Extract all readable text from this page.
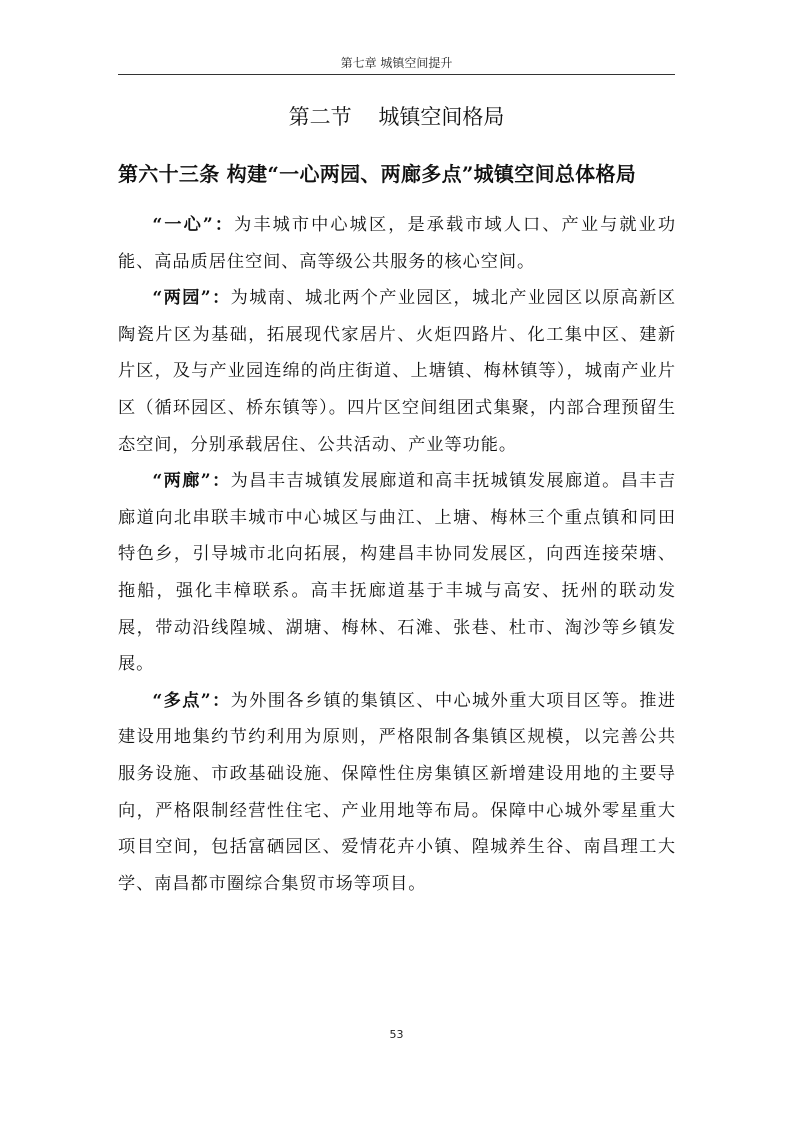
第七章 城镇空间提升
第二节    城镇空间格局
第六十三条 构建“一心两园、两廊多点”城镇空间总体格局

“一心”：为丰城市中心城区，是承载市域人口、产业与就业功能、高品质居住空间、高等级公共服务的核心空间。

“两园”：为城南、城北两个产业园区，城北产业园区以原高新区陶瓷片区为基础，拓展现代家居片、火炬四路片、化工集中区、建新片区，及与产业园连绵的尚庄街道、上塘镇、梅林镇等），城南产业片区（循环园区、桥东镇等）。四片区空间组团式集聚，内部合理预留生态空间，分别承载居住、公共活动、产业等功能。

“两廊”：为昌丰吉城镇发展廊道和高丰抚城镇发展廊道。昌丰吉廊道向北串联丰城市中心城区与曲江、上塘、梅林三个重点镇和同田特色乡，引导城市北向拓展，构建昌丰协同发展区，向西连接荣塘、拖船，强化丰樟联系。高丰抚廊道基于丰城与高安、抚州的联动发展，带动沿线隍城、湖塘、梅林、石滩、张巷、杜市、淘沙等乡镇发展。

“多点”：为外围各乡镇的集镇区、中心城外重大项目区等。推进建设用地集约节约利用为原则，严格限制各集镇区规模，以完善公共服务设施、市政基础设施、保障性住房集镇区新增建设用地的主要导向，严格限制经营性住宅、产业用地等布局。保障中心城外零星重大项目空间，包括富硒园区、爱情花卉小镇、隍城养生谷、南昌理工大学、南昌都市圈综合集贸市场等项目。

53
